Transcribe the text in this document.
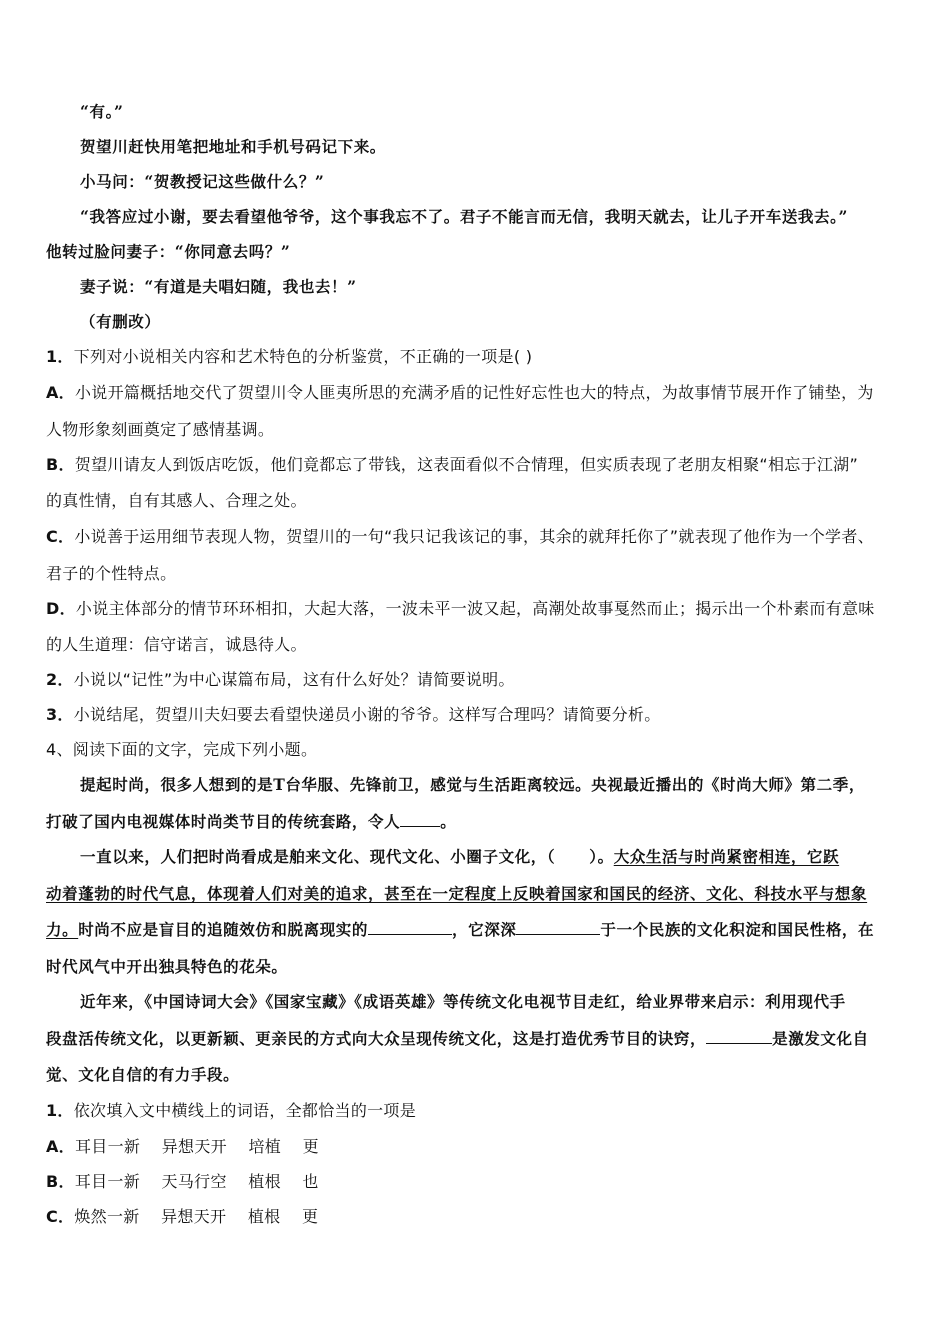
“有。”
贺望川赶快用笔把地址和手机号码记下来。
小马问：“贺教授记这些做什么？”
“我答应过小谢，要去看望他爷爷，这个事我忘不了。君子不能言而无信，我明天就去，让儿子开车送我去。”
他转过脸问妻子：“你同意去吗？”
妻子说：“有道是夫唱妇随，我也去！”
（有删改）
1．下列对小说相关内容和艺术特色的分析鉴赏，不正确的一项是( )
A．小说开篇概括地交代了贺望川令人匪夷所思的充满矛盾的记性好忘性也大的特点，为故事情节展开作了铺垫，为
人物形象刻画奠定了感情基调。
B．贺望川请友人到饭店吃饭，他们竟都忘了带钱，这表面看似不合情理，但实质表现了老朋友相聚“相忘于江湖”
的真性情，自有其感人、合理之处。
C．小说善于运用细节表现人物，贺望川的一句“我只记我该记的事，其余的就拜托你了”就表现了他作为一个学者、
君子的个性特点。
D．小说主体部分的情节环环相扣，大起大落，一波未平一波又起，高潮处故事戛然而止；揭示出一个朴素而有意味
的人生道理：信守诺言，诚恳待人。
2．小说以“记性”为中心谋篇布局，这有什么好处？请简要说明。
3．小说结尾，贺望川夫妇要去看望快递员小谢的爷爷。这样写合理吗？请简要分析。
4、阅读下面的文字，完成下列小题。
提起时尚，很多人想到的是T台华服、先锋前卫，感觉与生活距离较远。央视最近播出的《时尚大师》第二季，
打破了国内电视媒体时尚类节目的传统套路，令人	。
一直以来，人们把时尚看成是舶来文化、现代文化、小圈子文化，（ ）。大众生活与时尚紧密相连，它跃
动着蓬勃的时代气息，体现着人们对美的追求，甚至在一定程度上反映着国家和国民的经济、文化、科技水平与想象
力。时尚不应是盲目的追随效仿和脱离现实的	，它深深	于一个民族的文化积淀和国民性格，在
时代风气中开出独具特色的花朵。
近年来，《中国诗词大会》《国家宝藏》《成语英雄》等传统文化电视节目走红，给业界带来启示：利用现代手
段盘活传统文化，以更新颖、更亲民的方式向大众呈现传统文化，这是打造优秀节目的诀窍，	是激发文化自
觉、文化自信的有力手段。
1．依次填入文中横线上的词语，全都恰当的一项是
A．耳目一新    异想天开    培植    更
B．耳目一新    天马行空    植根    也
C．焕然一新    异想天开    植根    更
